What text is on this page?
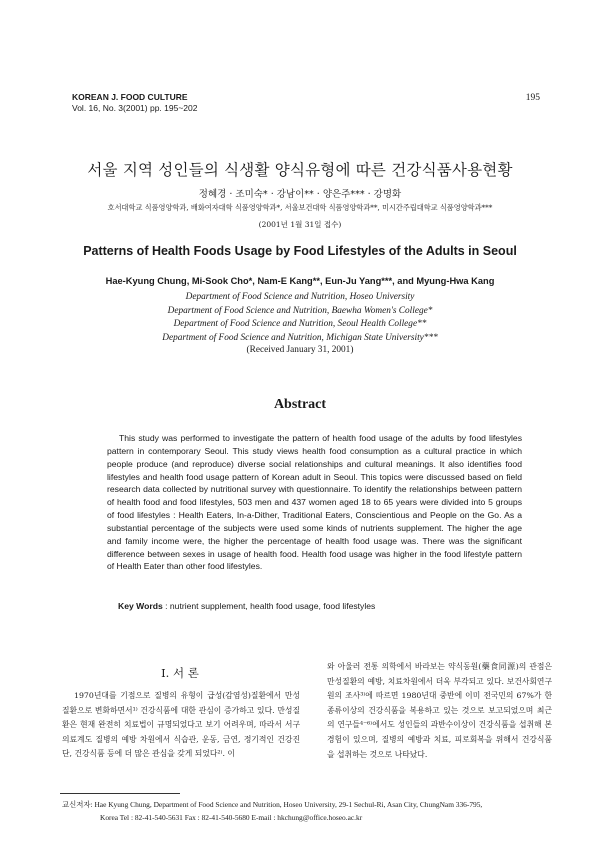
KOREAN J. FOOD CULTURE
Vol. 16, No. 3(2001) pp. 195~202
195
서울 지역 성인들의 식생활 양식유형에 따른 건강식품사용현황
정혜경 · 조미숙* · 강남이** · 양은주*** · 강명화
호서대학교 식품영양학과, 배화여자대학 식품영양학과*, 서울보건대학 식품영양학과**, 미시간주립대학교 식품영양학과***
(2001년 1월 31일 접수)
Patterns of Health Foods Usage by Food Lifestyles of the Adults in Seoul
Hae-Kyung Chung, Mi-Sook Cho*, Nam-E Kang**, Eun-Ju Yang***, and Myung-Hwa Kang
Department of Food Science and Nutrition, Hoseo University
Department of Food Science and Nutrition, Baewha Women's College*
Department of Food Science and Nutrition, Seoul Health College**
Department of Food Science and Nutrition, Michigan State University***
(Received January 31, 2001)
Abstract
This study was performed to investigate the pattern of health food usage of the adults by food lifestyles pattern in contemporary Seoul. This study views health food consumption as a cultural practice in which people produce (and reproduce) diverse social relationships and cultural meanings. It also identifies food lifestyles and health food usage pattern of Korean adult in Seoul. This topics were discussed based on field research data collected by nutritional survey with questionnaire. To identify the relationships between pattern of health food and food lifestyles, 503 men and 437 women aged 18 to 65 years were divided into 5 groups of food lifestyles : Health Eaters, In-a-Dither, Traditional Eaters, Conscientious and People on the Go. As a substantial percentage of the subjects were used some kinds of nutrients supplement. The higher the age and family income were, the higher the percentage of health food usage was. There was the significant difference between sexes in usage of health food. Health food usage was higher in the food lifestyle pattern of Health Eater than other food lifestyles.
Key Words : nutrient supplement, health food usage, food lifestyles
I. 서 론
1970년대를 기점으로 질병의 유형이 급성(감염성)질환에서 만성질환으로 변화하면서¹⁾ 건강식품에 대한 관심이 증가하고 있다. 만성질환은 현재 완전히 치료법이 규명되었다고 보기 어려우며, 따라서 서구의료계도 질병의 예방 차원에서 식습관, 운동, 금연, 정기적인 건강진단, 건강식품 등에 더 많은 관심을 갖게 되었다²⁾. 이
와 아울러 전통 의학에서 바라보는 약식동원(藥食同源)의 관점은 만성질환의 예방, 치료차원에서 더욱 부각되고 있다. 보건사회연구원의 조사³⁾에 따르면 1980년대 중반에 이미 전국민의 67%가 한 종류이상의 건강식품을 복용하고 있는 것으로 보고되었으며 최근의 연구들⁴⁻⁶⁾에서도 성인들의 과반수이상이 건강식품을 섭취해 본 경험이 있으며, 질병의 예방과 치료, 피로회복을 위해서 건강식품을 섭취하는 것으로 나타났다.
교신저자: Hae Kyung Chung, Department of Food Science and Nutrition, Hoseo University, 29-1 Sechul-Ri, Asan City, ChungNam 336-795,
Korea Tel : 82-41-540-5631 Fax : 82-41-540-5680 E-mail : hkchung@office.hoseo.ac.kr
